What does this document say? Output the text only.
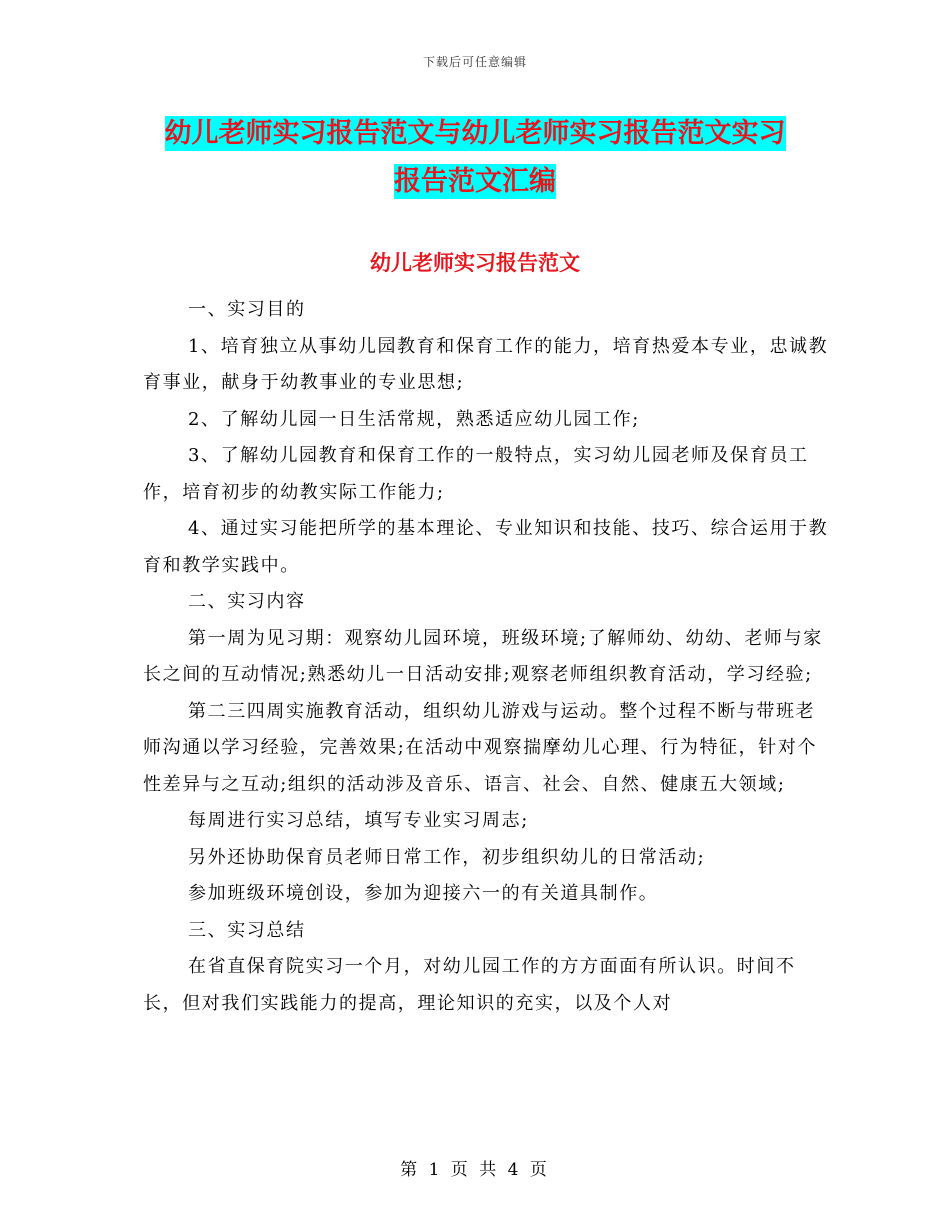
下载后可任意编辑
幼儿老师实习报告范文与幼儿老师实习报告范文实习
报告范文汇编
幼儿老师实习报告范文

一、实习目的

1、培育独立从事幼儿园教育和保育工作的能力，培育热爱本专业，忠诚教育事业，献身于幼教事业的专业思想;

2、了解幼儿园一日生活常规，熟悉适应幼儿园工作;

3、了解幼儿园教育和保育工作的一般特点，实习幼儿园老师及保育员工作，培育初步的幼教实际工作能力;

4、通过实习能把所学的基本理论、专业知识和技能、技巧、综合运用于教育和教学实践中。

二、实习内容

第一周为见习期：观察幼儿园环境，班级环境;了解师幼、幼幼、老师与家长之间的互动情况;熟悉幼儿一日活动安排;观察老师组织教育活动，学习经验;

第二三四周实施教育活动，组织幼儿游戏与运动。整个过程不断与带班老师沟通以学习经验，完善效果;在活动中观察揣摩幼儿心理、行为特征，针对个性差异与之互动;组织的活动涉及音乐、语言、社会、自然、健康五大领域;

每周进行实习总结，填写专业实习周志;

另外还协助保育员老师日常工作，初步组织幼儿的日常活动;

参加班级环境创设，参加为迎接六一的有关道具制作。

三、实习总结

在省直保育院实习一个月，对幼儿园工作的方方面面有所认识。时间不长，但对我们实践能力的提高，理论知识的充实，以及个人对

第 1 页 共 4 页
